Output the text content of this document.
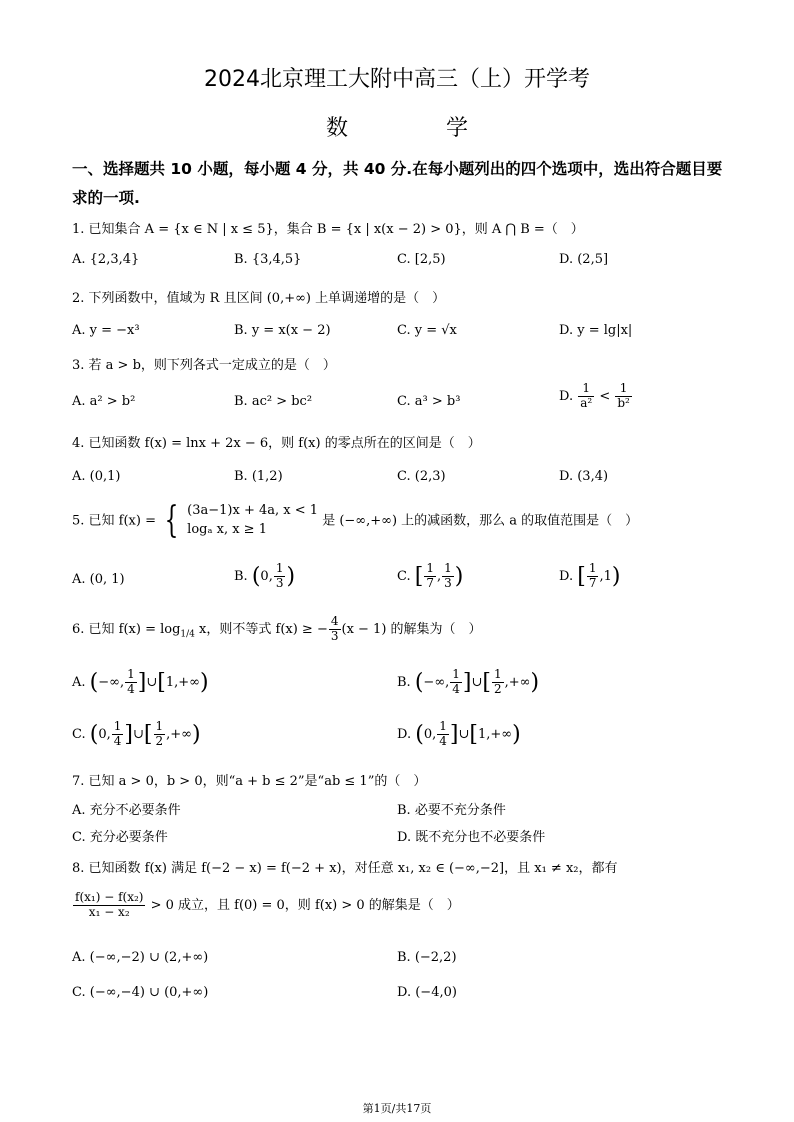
2024北京理工大附中高三（上）开学考
数　学
一、选择题共 10 小题，每小题 4 分，共 40 分.在每小题列出的四个选项中，选出符合题目要
求的一项.
1. 已知集合 A = {x ∈ N | x ≤ 5}，集合 B = {x | x(x − 2) > 0}，则 A ⋂ B =（　）
A. {2,3,4}	B. {3,4,5}	C. [2,5)	D. (2,5]
2. 下列函数中，值域为 R 且区间 (0,+∞) 上单调递增的是（　）
A. y = −x³	B. y = x(x − 2)	C. y = √x	D. y = lg|x|
3. 若 a > b，则下列各式一定成立的是（　）
A. a² > b²	B. ac² > bc²	C. a³ > b³	D. $\frac{1}{\text{a²}} < \frac{1}{\text{b²}}$
4. 已知函数 f(x) = lnx + 2x − 6，则 f(x) 的零点所在的区间是（　）
A. (0,1)	B. (1,2)	C. (2,3)	D. (3,4)
5. 已知 f(x) = { (3a−1)x + 4a, x < 1
logₐ x, x ≥ 1
是 (−∞,+∞) 上的减函数，那么 a 的取值范围是（　）
A. (0, 1)	B. (0, $\frac{1}{3}$ )	C. [ $\frac{1}{7}$ , $\frac{1}{3}$ )	D. [ $\frac{1}{7} ,1$)
6. 已知 $f(x) = \log_{1/4} x$，则不等式 f(x) ≥ − $\frac{4}{3} (x - 1)$ 的解集为（　）
A. (−∞, $\frac{1}{4}$ ]∪[1,+∞)	B. (−∞, $\frac{1}{4}$ ]∪[ $\frac{1}{2}$ ,+∞)
C. (0, $\frac{1}{4}$ ]∪[ $\frac{1}{2}$ ,+∞)	D. (0, $\frac{1}{4}$ ]∪[1,+∞)
7. 已知 a > 0，b > 0，则“a + b ≤ 2”是“ab ≤ 1”的（　）
A. 充分不必要条件	B. 必要不充分条件
C. 充分必要条件	D. 既不充分也不必要条件
8. 已知函数 f(x) 满足 f(−2 − x) = f(−2 + x)，对任意 x₁, x₂ ∈ (−∞,−2]，且 x₁ ≠ x₂，都有
$\frac{\text{f(x₁) − f(x₂)}}{\text{x₁ − x₂}} > 0$ 成立，且 f(0) = 0，则 f(x) > 0 的解集是（　）
A. (−∞,−2) ∪ (2,+∞)	B. (−2,2)
C. (−∞,−4) ∪ (0,+∞)	D. (−4,0)
第1页/共17页
